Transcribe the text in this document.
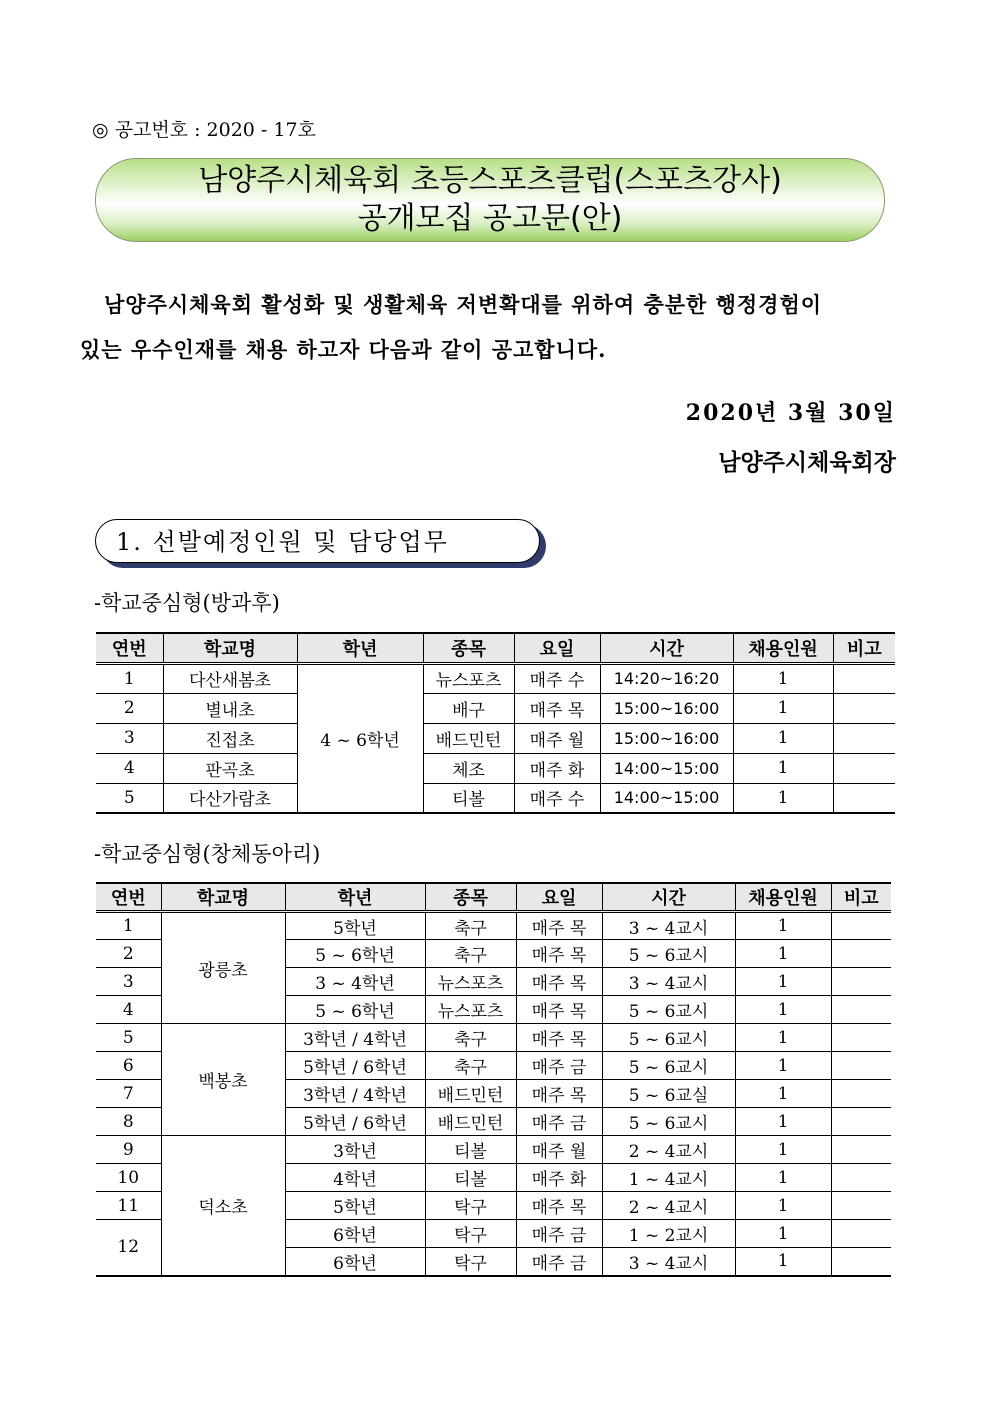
◎ 공고번호 : 2020 - 17호
남양주시체육회 초등스포츠클럽(스포츠강사)
공개모집 공고문(안)

남양주시체육회 활성화 및 생활체육 저변확대를 위하여 충분한 행정경험이

있는 우수인재를 채용 하고자 다음과 같이 공고합니다.

2020년 3월 30일
남양주시체육회장
1. 선발예정인원 및 담당업무
-학교중심형(방과후)
연번	학교명	학년	종목	요일	시간	채용인원	비고
1	다산새봄초	4 ~ 6학년	뉴스포츠	매주 수	14:20~16:20	1	
2	별내초		배구	매주 목	15:00~16:00	1	
3	진접초		배드민턴	매주 월	15:00~16:00	1	
4	판곡초		체조	매주 화	14:00~15:00	1	
5	다산가람초		티볼	매주 수	14:00~15:00	1	
-학교중심형(창체동아리)
연번	학교명	학년	종목	요일	시간	채용인원	비고
1	광릉초	5학년	축구	매주 목	3 ~ 4교시	1	
2		5 ~ 6학년	축구	매주 목	5 ~ 6교시	1	
3		3 ~ 4학년	뉴스포츠	매주 목	3 ~ 4교시	1	
4		5 ~ 6학년	뉴스포츠	매주 목	5 ~ 6교시	1	
5	백봉초	3학년 / 4학년	축구	매주 목	5 ~ 6교시	1	
6		5학년 / 6학년	축구	매주 금	5 ~ 6교시	1	
7		3학년 / 4학년	배드민턴	매주 목	5 ~ 6교실	1	
8		5학년 / 6학년	배드민턴	매주 금	5 ~ 6교시	1	
9	덕소초	3학년	티볼	매주 월	2 ~ 4교시	1	
10		4학년	티볼	매주 화	1 ~ 4교시	1	
11		5학년	탁구	매주 목	2 ~ 4교시	1	
12		6학년	탁구	매주 금	1 ~ 2교시	1	
		6학년	탁구	매주 금	3 ~ 4교시	1	
